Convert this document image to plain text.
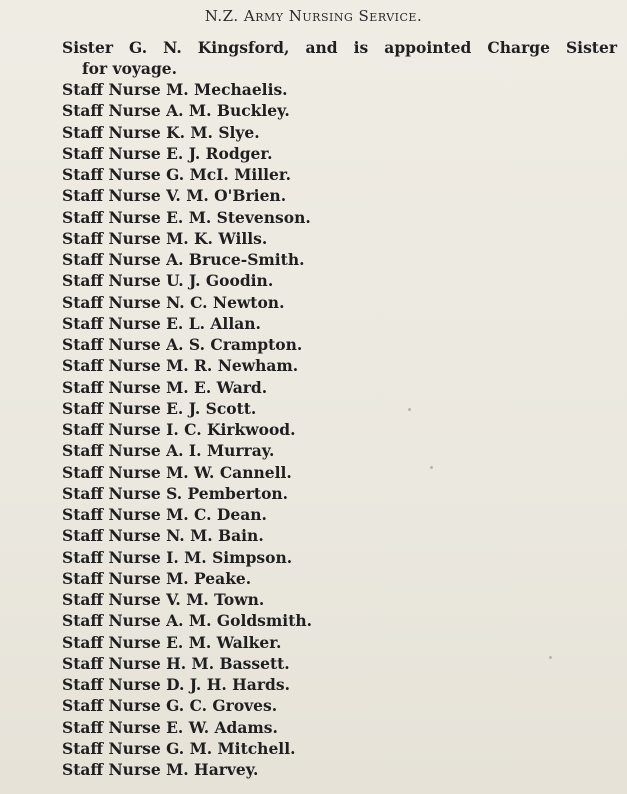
N.Z. Army Nursing Service.
Sister G. N. Kingsford, and is appointed Charge Sister
for voyage.
Staff Nurse M. Mechaelis.
Staff Nurse A. M. Buckley.
Staff Nurse K. M. Slye.
Staff Nurse E. J. Rodger.
Staff Nurse G. McI. Miller.
Staff Nurse V. M. O'Brien.
Staff Nurse E. M. Stevenson.
Staff Nurse M. K. Wills.
Staff Nurse A. Bruce-Smith.
Staff Nurse U. J. Goodin.
Staff Nurse N. C. Newton.
Staff Nurse E. L. Allan.
Staff Nurse A. S. Crampton.
Staff Nurse M. R. Newham.
Staff Nurse M. E. Ward.
Staff Nurse E. J. Scott.
Staff Nurse I. C. Kirkwood.
Staff Nurse A. I. Murray.
Staff Nurse M. W. Cannell.
Staff Nurse S. Pemberton.
Staff Nurse M. C. Dean.
Staff Nurse N. M. Bain.
Staff Nurse I. M. Simpson.
Staff Nurse M. Peake.
Staff Nurse V. M. Town.
Staff Nurse A. M. Goldsmith.
Staff Nurse E. M. Walker.
Staff Nurse H. M. Bassett.
Staff Nurse D. J. H. Hards.
Staff Nurse G. C. Groves.
Staff Nurse E. W. Adams.
Staff Nurse G. M. Mitchell.
Staff Nurse M. Harvey.
